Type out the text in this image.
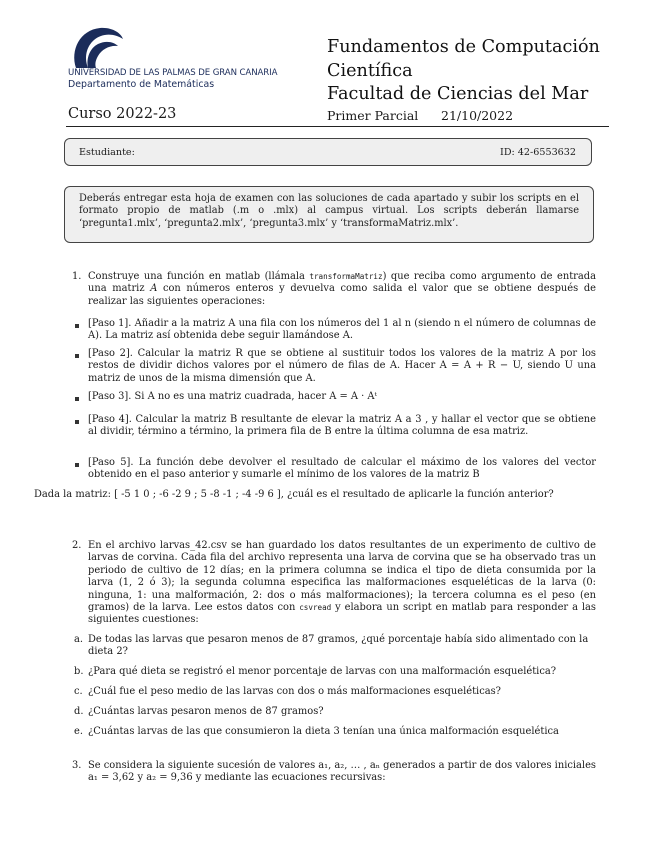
UNIVERSIDAD DE LAS PALMAS DE GRAN CANARIA
Departamento de Matemáticas
Fundamentos de Computación Científica
Facultad de Ciencias del Mar
Curso 2022-23	Primer Parcial 21/10/2022
Estudiante:	ID: 42-6553632
Deberás entregar esta hoja de examen con las soluciones de cada apartado y subir los scripts en el formato propio de matlab (.m o .mlx) al campus virtual. Los scripts deberán llamarse ‘pregunta1.mlx’, ‘pregunta2.mlx’, ‘pregunta3.mlx’ y ‘transformaMatriz.mlx’.
1. Construye una función en matlab (llámala transformaMatriz) que reciba como argumento de entrada una matriz A con números enteros y devuelva como salida el valor que se obtiene después de realizar las siguientes operaciones:
[Paso 1]. Añadir a la matriz A una fila con los números del 1 al n (siendo n el número de columnas de A). La matriz así obtenida debe seguir llamándose A.
[Paso 2]. Calcular la matriz R que se obtiene al sustituir todos los valores de la matriz A por los restos de dividir dichos valores por el número de filas de A. Hacer A = A + R − U, siendo U una matriz de unos de la misma dimensión que A.
[Paso 3]. Si A no es una matriz cuadrada, hacer A = A · Aᵗ
[Paso 4]. Calcular la matriz B resultante de elevar la matriz A a 3 , y hallar el vector que se obtiene al dividir, término a término, la primera fila de B entre la última columna de esa matriz.
[Paso 5]. La función debe devolver el resultado de calcular el máximo de los valores del vector obtenido en el paso anterior y sumarle el mínimo de los valores de la matriz B
Dada la matriz: [ -5 1 0 ; -6 -2 9 ; 5 -8 -1 ; -4 -9 6 ], ¿cuál es el resultado de aplicarle la función anterior?
2. En el archivo larvas_42.csv se han guardado los datos resultantes de un experimento de cultivo de larvas de corvina. Cada fila del archivo representa una larva de corvina que se ha observado tras un periodo de cultivo de 12 días; en la primera columna se indica el tipo de dieta consumida por la larva (1, 2 ó 3); la segunda columna especifica las malformaciones esqueléticas de la larva (0: ninguna, 1: una malformación, 2: dos o más malformaciones); la tercera columna es el peso (en gramos) de la larva. Lee estos datos con csvread y elabora un script en matlab para responder a las siguientes cuestiones:
a. De todas las larvas que pesaron menos de 87 gramos, ¿qué porcentaje había sido alimentado con la dieta 2?
b. ¿Para qué dieta se registró el menor porcentaje de larvas con una malformación esquelética?
c. ¿Cuál fue el peso medio de las larvas con dos o más malformaciones esqueléticas?
d. ¿Cuántas larvas pesaron menos de 87 gramos?
e. ¿Cuántas larvas de las que consumieron la dieta 3 tenían una única malformación esquelética
3. Se considera la siguiente sucesión de valores a₁, a₂, … , aₙ generados a partir de dos valores iniciales a₁ = 3,62 y a₂ = 9,36 y mediante las ecuaciones recursivas:
